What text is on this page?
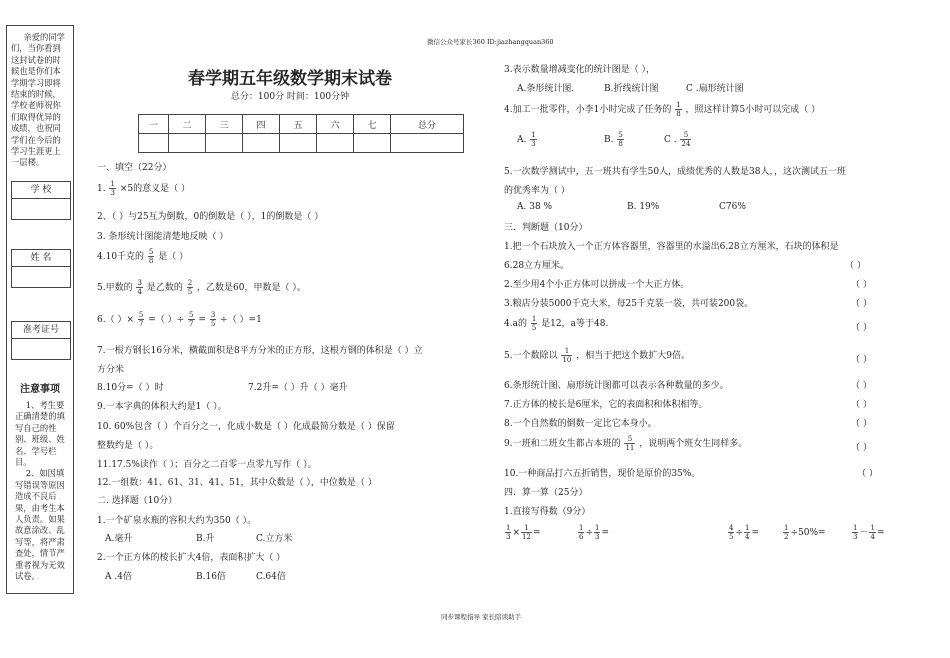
微信公众号家长360 ID:jiazhangquan360
同步课程指导 家长陪读助手
亲爱的同学们，当你看到这封试卷的时候也是你们本学期学习即将结束的时候，学校老师祝你们取得优异的成绩，也祝同学们在今后的学习生涯更上一层楼。
学 校
姓 名
准考证号
注意事项

1、考生要正确清楚的填写自己的性别、班级、姓名、学号栏目。

2、如因填写错误等原因造成不良后果，由考生本人负责。如果故意涂改、乱写等，将严肃查处，情节严重者视为无效试卷。

春学期五年级数学期末试卷
总分：100分 时间：100分钟
一	二	三	四	五	六	七	总分

一、填空（22分）
1. $\frac{1}{3} \times 5$的意义是（ ）
2、（ ）与25互为倒数，0的倒数是（ ），1的倒数是（ ）
3. 条形统计图能清楚地反映（ ）
4.10千克的 $\frac{5}{8}$ 是（ ）
5.甲数的 $\frac{3}{4}$ 是乙数的 $\frac{2}{5}$ ，乙数是60，甲数是（ ）。
6.（ ）× $\frac{5}{7}$ =（ ）÷ $\frac{5}{7} = \frac{3}{5}$ ÷（ ）=1
7.一根方钢长16分米，横截面积是8平方分米的正方形，这根方钢的体积是（ ）立
方分米
8.10分=（ ）时	7.2升=（ ）升（ ）毫升
9.一本字典的体积大约是1（ ）。
10. 60%包含（ ）个百分之一，化成小数是（ ）化成最简分数是（ ）保留
整数约是（ ）。
11.17.5%读作（ ）；百分之二百零一点零九写作（ ）。
12.一组数：41、61、31、41、51，其中众数是（ ），中位数是（ ）
二. 选择题（10分）
1.一个矿泉水瓶的容积大约为350（ ）。
A.毫升	B.升	C.立方米
2.一个正方体的棱长扩大4倍，表面积扩大（ ）
A .4倍	B.16倍	C.64倍
3.表示数量增减变化的统计图是（ ），
A.条形统计图.	B.折线统计图	C .扇形统计图
4.加工一批零件，小李1小时完成了任务的 $\frac{1}{8}$ ，照这样计算5小时可以完成（ ）
A. $\frac{1}{3}$	B. $\frac{5}{8}$	C . $\frac{5}{24}$
5.一次数学测试中，五一班共有学生50人，成绩优秀的人数是38人，，这次测试五一班
的优秀率为（ ）
A. 38 %	B. 19%	C76%
三．判断题（10分）
1.把一个石块放入一个正方体容器里，容器里的水溢出6.28立方厘米，石块的体积是
6.28立方厘米。	（ ）
2.至少用4个小正方体可以拼成一个大正方体。	（ ）
3.粮店分装5000千克大米，每25千克装一袋，共可装200袋。	（ ）
4.a的 $\frac{1}{5}$ 是12，a等于48.	（ ）
5.一个数除以 $\frac{1}{10}$ ，相当于把这个数扩大9倍。	（ ）
6.条形统计图、扇形统计图都可以表示各种数量的多少。	（ ）
7.正方体的棱长是6厘米，它的表面积和体积相等。	（ ）
8.一个自然数的倒数一定比它本身小。	（ ）
9.一班和二班女生都占本班的 $\frac{5}{11}$ ，说明两个班女生同样多。	（ ）
10.一种商品打六五折销售，现价是原价的35%。	（ ）
四．算一算（25分）
1.直接写得数（9分）
$\frac{1}{3} \times \frac{1}{12}$ =	$\frac{1}{6} \div \frac{1}{3}$ =	$\frac{4}{5} \div \frac{1}{4}$ =	$\frac{1}{2} \div 50\%=$	$\frac{1}{3} - \frac{1}{4}$ =
